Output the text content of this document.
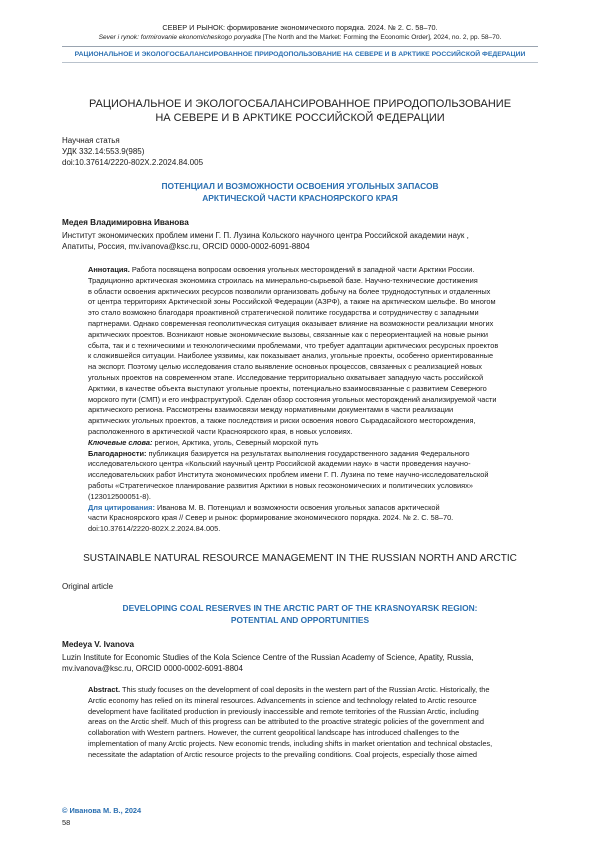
СЕВЕР И РЫНОК: формирование экономического порядка. 2024. № 2. С. 58–70.
Sever i rynok: formirovanie ekonomicheskogo poryadka [The North and the Market: Forming the Economic Order], 2024, no. 2, pp. 58–70.
РАЦИОНАЛЬНОЕ И ЭКОЛОГОСБАЛАНСИРОВАННОЕ ПРИРОДОПОЛЬЗОВАНИЕ НА СЕВЕРЕ И В АРКТИКЕ РОССИЙСКОЙ ФЕДЕРАЦИИ
РАЦИОНАЛЬНОЕ И ЭКОЛОГОСБАЛАНСИРОВАННОЕ ПРИРОДОПОЛЬЗОВАНИЕ
НА СЕВЕРЕ И В АРКТИКЕ РОССИЙСКОЙ ФЕДЕРАЦИИ
Научная статья
УДК 332.14:553.9(985)
doi:10.37614/2220-802X.2.2024.84.005
ПОТЕНЦИАЛ И ВОЗМОЖНОСТИ ОСВОЕНИЯ УГОЛЬНЫХ ЗАПАСОВ
АРКТИЧЕСКОЙ ЧАСТИ КРАСНОЯРСКОГО КРАЯ
Медея Владимировна Иванова
Институт экономических проблем имени Г. П. Лузина Кольского научного центра Российской академии наук ,
Апатиты, Россия, mv.ivanova@ksc.ru, ORCID 0000-0002-6091-8804
Аннотация. Работа посвящена вопросам освоения угольных месторождений в западной части Арктики России.
Традиционно арктическая экономика строилась на минерально-сырьевой базе. Научно-технические достижения
в области освоения арктических ресурсов позволили организовать добычу на более труднодоступных и отдаленных
от центра территориях Арктической зоны Российской Федерации (АЗРФ), а также на арктическом шельфе. Во многом
это стало возможно благодаря проактивной стратегической политике государства и сотрудничеству с западными
партнерами. Однако современная геополитическая ситуация оказывает влияние на возможности реализации многих
арктических проектов. Возникают новые экономические вызовы, связанные как с переориентацией на новые рынки
сбыта, так и с техническими и технологическими проблемами, что требует адаптации арктических ресурсных проектов
к сложившейся ситуации. Наиболее уязвимы, как показывает анализ, угольные проекты, особенно ориентированные
на экспорт. Поэтому целью исследования стало выявление основных процессов, связанных с реализацией новых
угольных проектов на современном этапе. Исследование территориально охватывает западную часть российской
Арктики, в качестве объекта выступают угольные проекты, потенциально взаимосвязанные с развитием Северного
морского пути (СМП) и его инфраструктурой. Сделан обзор состояния угольных месторождений анализируемой части
арктического региона. Рассмотрены взаимосвязи между нормативными документами в части реализации
арктических угольных проектов, а также последствия и риски освоения нового Сырадасайского месторождения,
расположенного в арктической части Красноярского края, в новых условиях.
Ключевые слова: регион, Арктика, уголь, Северный морской путь
Благодарности: публикация базируется на результатах выполнения государственного задания Федерального
исследовательского центра «Кольский научный центр Российской академии наук» в части проведения научно-
исследовательских работ Института экономических проблем имени Г. П. Лузина по теме научно-исследовательской
работы «Стратегическое планирование развития Арктики в новых геоэкономических и политических условиях»
(123012500051-8).
Для цитирования: Иванова М. В. Потенциал и возможности освоения угольных запасов арктической
части Красноярского края // Север и рынок: формирование экономического порядка. 2024. № 2. С. 58–70.
doi:10.37614/2220-802X.2.2024.84.005.
SUSTAINABLE NATURAL RESOURCE MANAGEMENT IN THE RUSSIAN NORTH AND ARCTIC
Original article
DEVELOPING COAL RESERVES IN THE ARCTIC PART OF THE KRASNOYARSK REGION:
POTENTIAL AND OPPORTUNITIES
Medeya V. Ivanova
Luzin Institute for Economic Studies of the Kola Science Centre of the Russian Academy of Science, Apatity, Russia,
mv.ivanova@ksc.ru, ORCID 0000-0002-6091-8804
Abstract. This study focuses on the development of coal deposits in the western part of the Russian Arctic. Historically, the
Arctic economy has relied on its mineral resources. Advancements in science and technology related to Arctic resource
development have facilitated production in previously inaccessible and remote territories of the Russian Arctic, including
areas on the Arctic shelf. Much of this progress can be attributed to the proactive strategic policies of the government and
collaboration with Western partners. However, the current geopolitical landscape has introduced challenges to the
implementation of many Arctic projects. New economic trends, including shifts in market orientation and technical obstacles,
necessitate the adaptation of Arctic resource projects to the prevailing conditions. Coal projects, especially those aimed
© Иванова М. В., 2024
58
